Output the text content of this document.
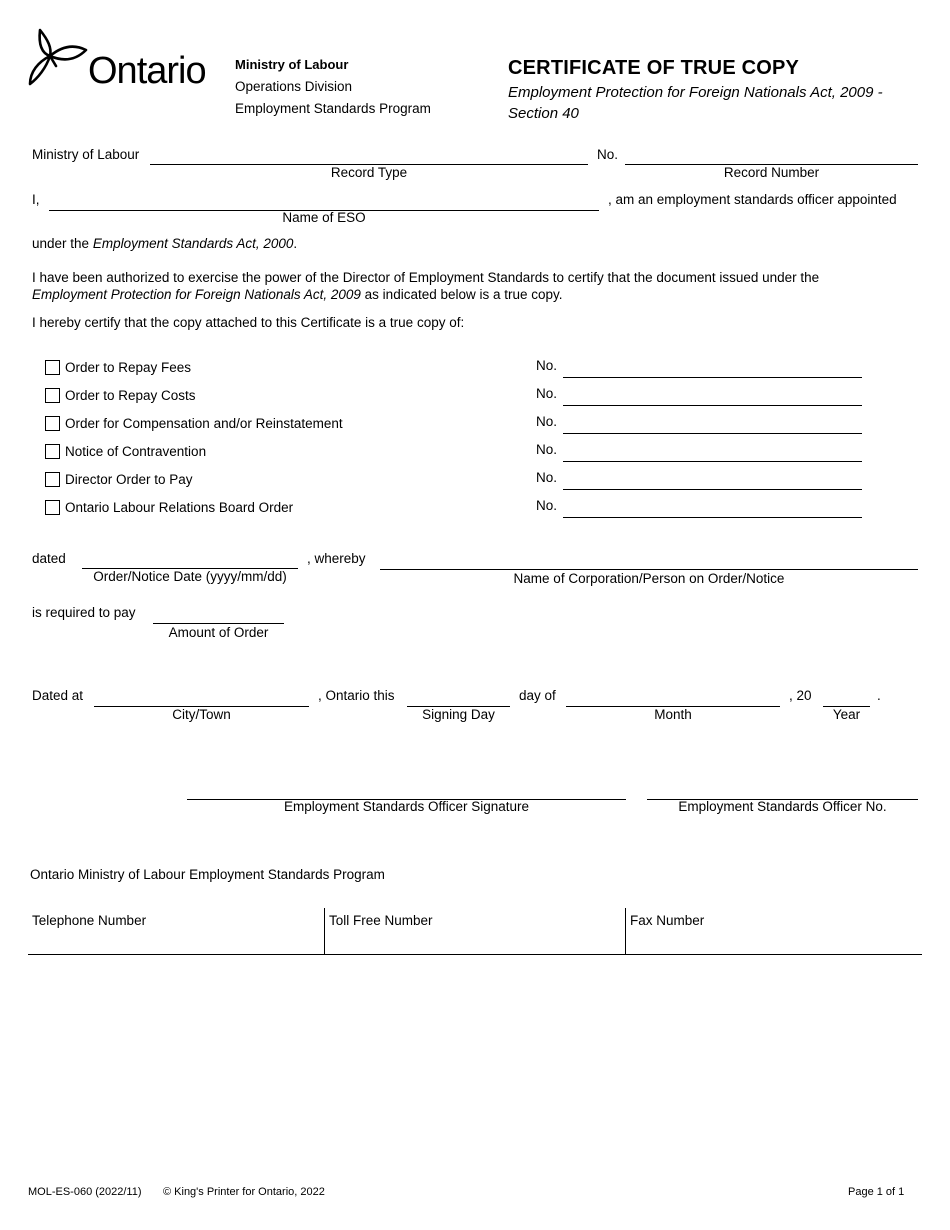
Ontario Ministry of Labour
Operations Division
Employment Standards Program
CERTIFICATE OF TRUE COPY
Employment Protection for Foreign Nationals Act, 2009 - Section 40
Ministry of Labour
Record Type
No.
Record Number
I,
Name of ESO
, am an employment standards officer appointed
under the Employment Standards Act, 2000.
I have been authorized to exercise the power of the Director of Employment Standards to certify that the document issued under the
Employment Protection for Foreign Nationals Act, 2009 as indicated below is a true copy.
I hereby certify that the copy attached to this Certificate is a true copy of:
Order to Repay Fees	No.
Order to Repay Costs	No.
Order for Compensation and/or Reinstatement	No.
Notice of Contravention	No.
Director Order to Pay	No.
Ontario Labour Relations Board Order	No.
dated
Order/Notice Date (yyyy/mm/dd)
, whereby
Name of Corporation/Person on Order/Notice
is required to pay
Amount of Order
Dated at
City/Town
, Ontario this
Signing Day
day of
Month
, 20
Year
.
Employment Standards Officer Signature	Employment Standards Officer No.
Ontario Ministry of Labour Employment Standards Program
Telephone Number	Toll Free Number	Fax Number
MOL-ES-060 (2022/11) © King's Printer for Ontario, 2022	Page 1 of 1
